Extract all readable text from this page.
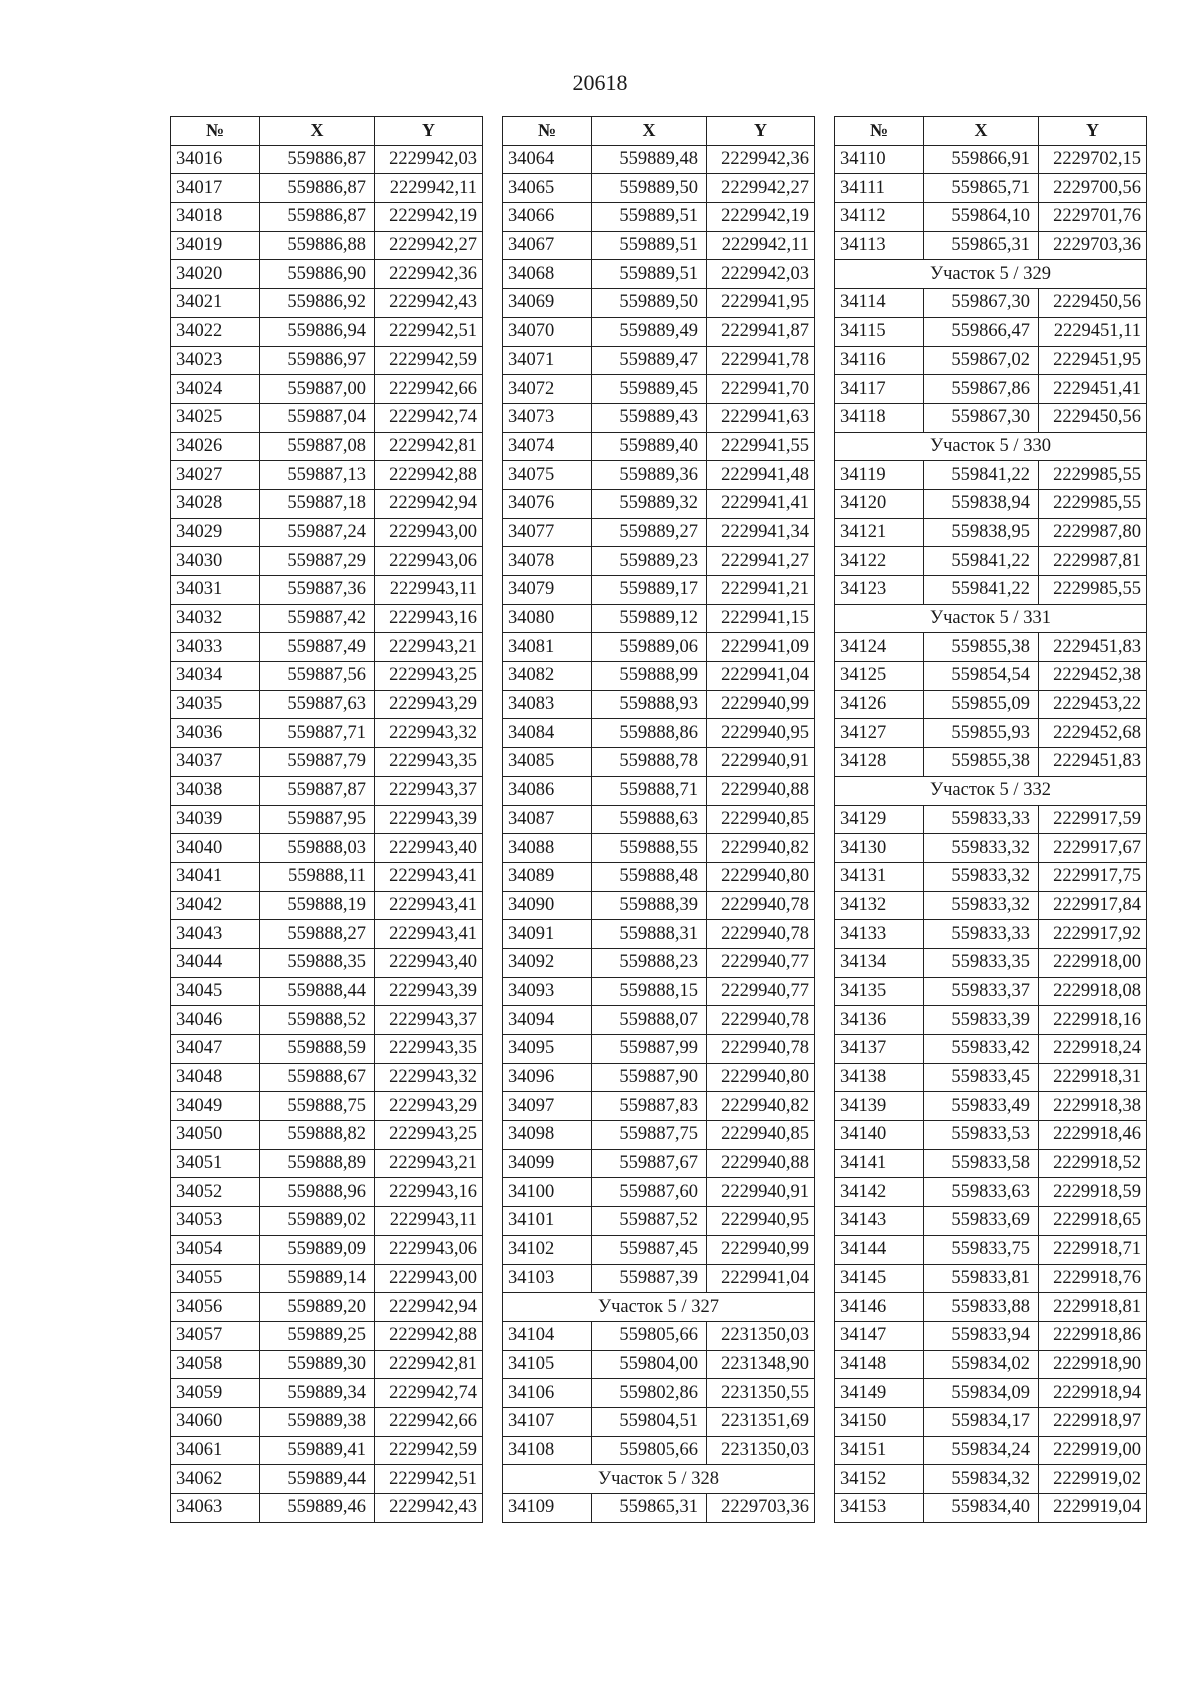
20618
№	X	Y
34016	559886,87	2229942,03
34017	559886,87	2229942,11
34018	559886,87	2229942,19
34019	559886,88	2229942,27
34020	559886,90	2229942,36
34021	559886,92	2229942,43
34022	559886,94	2229942,51
34023	559886,97	2229942,59
34024	559887,00	2229942,66
34025	559887,04	2229942,74
34026	559887,08	2229942,81
34027	559887,13	2229942,88
34028	559887,18	2229942,94
34029	559887,24	2229943,00
34030	559887,29	2229943,06
34031	559887,36	2229943,11
34032	559887,42	2229943,16
34033	559887,49	2229943,21
34034	559887,56	2229943,25
34035	559887,63	2229943,29
34036	559887,71	2229943,32
34037	559887,79	2229943,35
34038	559887,87	2229943,37
34039	559887,95	2229943,39
34040	559888,03	2229943,40
34041	559888,11	2229943,41
34042	559888,19	2229943,41
34043	559888,27	2229943,41
34044	559888,35	2229943,40
34045	559888,44	2229943,39
34046	559888,52	2229943,37
34047	559888,59	2229943,35
34048	559888,67	2229943,32
34049	559888,75	2229943,29
34050	559888,82	2229943,25
34051	559888,89	2229943,21
34052	559888,96	2229943,16
34053	559889,02	2229943,11
34054	559889,09	2229943,06
34055	559889,14	2229943,00
34056	559889,20	2229942,94
34057	559889,25	2229942,88
34058	559889,30	2229942,81
34059	559889,34	2229942,74
34060	559889,38	2229942,66
34061	559889,41	2229942,59
34062	559889,44	2229942,51
34063	559889,46	2229942,43
№	X	Y
34064	559889,48	2229942,36
34065	559889,50	2229942,27
34066	559889,51	2229942,19
34067	559889,51	2229942,11
34068	559889,51	2229942,03
34069	559889,50	2229941,95
34070	559889,49	2229941,87
34071	559889,47	2229941,78
34072	559889,45	2229941,70
34073	559889,43	2229941,63
34074	559889,40	2229941,55
34075	559889,36	2229941,48
34076	559889,32	2229941,41
34077	559889,27	2229941,34
34078	559889,23	2229941,27
34079	559889,17	2229941,21
34080	559889,12	2229941,15
34081	559889,06	2229941,09
34082	559888,99	2229941,04
34083	559888,93	2229940,99
34084	559888,86	2229940,95
34085	559888,78	2229940,91
34086	559888,71	2229940,88
34087	559888,63	2229940,85
34088	559888,55	2229940,82
34089	559888,48	2229940,80
34090	559888,39	2229940,78
34091	559888,31	2229940,78
34092	559888,23	2229940,77
34093	559888,15	2229940,77
34094	559888,07	2229940,78
34095	559887,99	2229940,78
34096	559887,90	2229940,80
34097	559887,83	2229940,82
34098	559887,75	2229940,85
34099	559887,67	2229940,88
34100	559887,60	2229940,91
34101	559887,52	2229940,95
34102	559887,45	2229940,99
34103	559887,39	2229941,04
Участок 5 / 327		
34104	559805,66	2231350,03
34105	559804,00	2231348,90
34106	559802,86	2231350,55
34107	559804,51	2231351,69
34108	559805,66	2231350,03
Участок 5 / 328		
34109	559865,31	2229703,36
№	X	Y
34110	559866,91	2229702,15
34111	559865,71	2229700,56
34112	559864,10	2229701,76
34113	559865,31	2229703,36
Участок 5 / 329		
34114	559867,30	2229450,56
34115	559866,47	2229451,11
34116	559867,02	2229451,95
34117	559867,86	2229451,41
34118	559867,30	2229450,56
Участок 5 / 330		
34119	559841,22	2229985,55
34120	559838,94	2229985,55
34121	559838,95	2229987,80
34122	559841,22	2229987,81
34123	559841,22	2229985,55
Участок 5 / 331		
34124	559855,38	2229451,83
34125	559854,54	2229452,38
34126	559855,09	2229453,22
34127	559855,93	2229452,68
34128	559855,38	2229451,83
Участок 5 / 332		
34129	559833,33	2229917,59
34130	559833,32	2229917,67
34131	559833,32	2229917,75
34132	559833,32	2229917,84
34133	559833,33	2229917,92
34134	559833,35	2229918,00
34135	559833,37	2229918,08
34136	559833,39	2229918,16
34137	559833,42	2229918,24
34138	559833,45	2229918,31
34139	559833,49	2229918,38
34140	559833,53	2229918,46
34141	559833,58	2229918,52
34142	559833,63	2229918,59
34143	559833,69	2229918,65
34144	559833,75	2229918,71
34145	559833,81	2229918,76
34146	559833,88	2229918,81
34147	559833,94	2229918,86
34148	559834,02	2229918,90
34149	559834,09	2229918,94
34150	559834,17	2229918,97
34151	559834,24	2229919,00
34152	559834,32	2229919,02
34153	559834,40	2229919,04
